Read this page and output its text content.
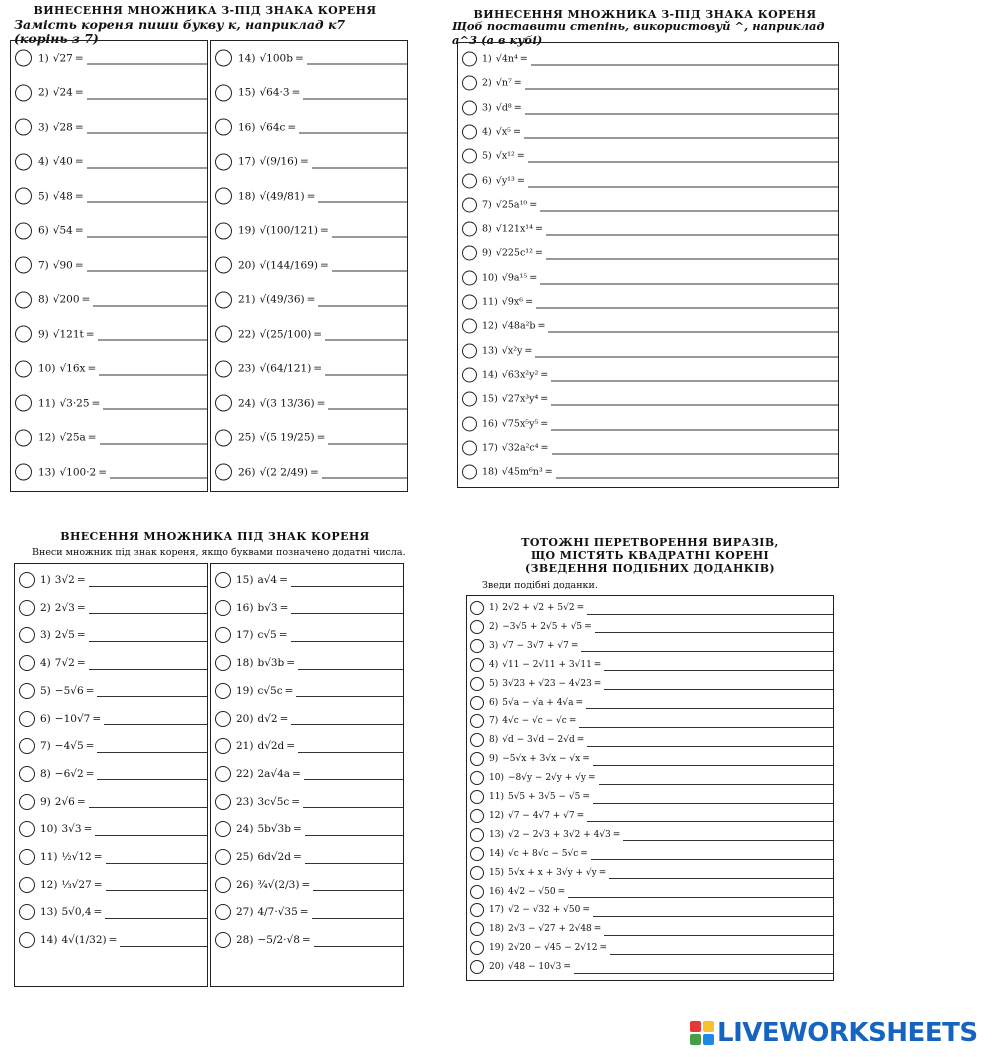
ВИНЕСЕННЯ МНОЖНИКА З-ПІД ЗНАКА КОРЕНЯ
Замість кореня пиши букву к, наприклад к7 (корінь з 7)
1) √27 =
2) √24 =
3) √28 =
4) √40 =
5) √48 =
6) √54 =
7) √90 =
8) √200 =
9) √121t =
10) √16x =
11) √3·25 =
12) √25a =
13) √100·2 =
14) √100b =
15) √64·3 =
16) √64c =
17) √(9/16) =
18) √(49/81) =
19) √(100/121) =
20) √(144/169) =
21) √(49/36) =
22) √(25/100) =
23) √(64/121) =
24) √(3 13/36) =
25) √(5 19/25) =
26) √(2 2/49) =
ВИНЕСЕННЯ МНОЖНИКА З-ПІД ЗНАКА КОРЕНЯ
Щоб поставити степінь, використовуй ^, наприклад a^3 (а в кубі)
1) √4n⁴ =
2) √n⁷ =
3) √d⁸ =
4) √x⁵ =
5) √x¹² =
6) √y¹³ =
7) √25a¹⁰ =
8) √121x¹⁴ =
9) √225c¹² =
10) √9a¹⁵ =
11) √9x⁶ =
12) √48a²b =
13) √x²y =
14) √63x²y² =
15) √27x³y⁴ =
16) √75x⁵y⁵ =
17) √32a²c⁴ =
18) √45m⁶n³ =
ВНЕСЕННЯ МНОЖНИКА ПІД ЗНАК КОРЕНЯ
Внеси множник під знак кореня, якщо буквами позначено додатні числа.
1) 3√2 =
2) 2√3 =
3) 2√5 =
4) 7√2 =
5) −5√6 =
6) −10√7 =
7) −4√5 =
8) −6√2 =
9) 2√6 =
10) 3√3 =
11) ½√12 =
12) ⅓√27 =
13) 5√0,4 =
14) 4√(1/32) =
15) a√4 =
16) b√3 =
17) c√5 =
18) b√3b =
19) c√5c =
20) d√2 =
21) d√2d =
22) 2a√4a =
23) 3c√5c =
24) 5b√3b =
25) 6d√2d =
26) ¾√(2/3) =
27) 4/7·√35 =
28) −5/2·√8 =
ТОТОЖНІ ПЕРЕТВОРЕННЯ ВИРАЗІВ,
ЩО МІСТЯТЬ КВАДРАТНІ КОРЕНІ
(ЗВЕДЕННЯ ПОДІБНИХ ДОДАНКІВ)
Зведи подібні доданки.
1) 2√2 + √2 + 5√2 =
2) −3√5 + 2√5 + √5 =
3) √7 − 3√7 + √7 =
4) √11 − 2√11 + 3√11 =
5) 3√23 + √23 − 4√23 =
6) 5√a − √a + 4√a =
7) 4√c − √c − √c =
8) √d − 3√d − 2√d =
9) −5√x + 3√x − √x =
10) −8√y − 2√y + √y =
11) 5√5 + 3√5 − √5 =
12) √7 − 4√7 + √7 =
13) √2 − 2√3 + 3√2 + 4√3 =
14) √c + 8√c − 5√c =
15) 5√x + x + 3√y + √y =
16) 4√2 − √50 =
17) √2 − √32 + √50 =
18) 2√3 − √27 + 2√48 =
19) 2√20 − √45 − 2√12 =
20) √48 − 10√3 =
LIVEWORKSHEETS
